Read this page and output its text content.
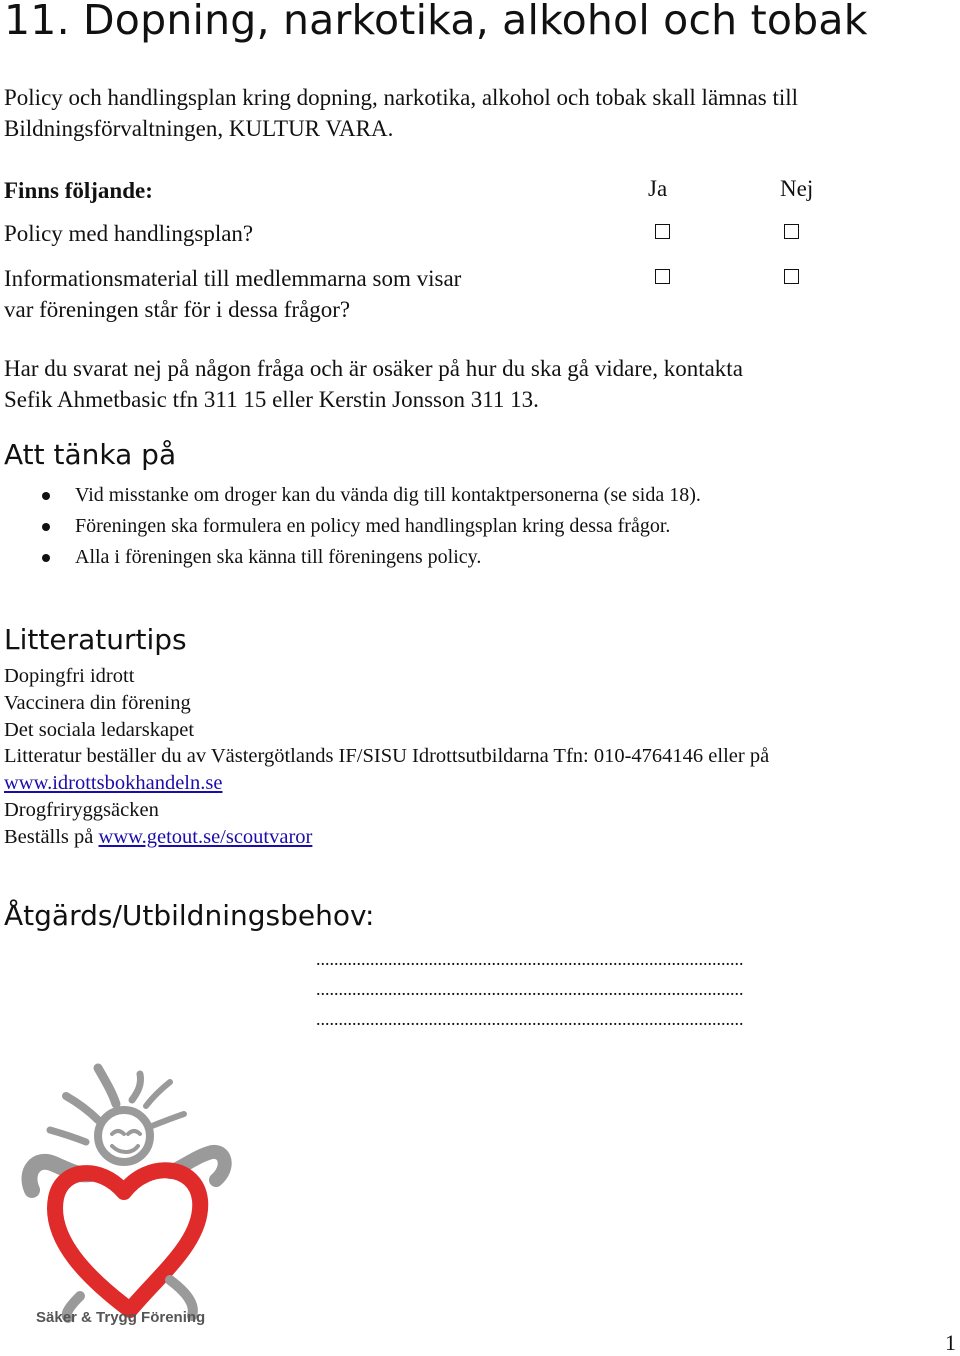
11. Dopning, narkotika, alkohol och tobak
Policy och handlingsplan kring dopning, narkotika, alkohol och tobak skall lämnas till
Bildningsförvaltningen, KULTUR VARA.
Finns följande:	Ja	Nej
Policy med handlingsplan?
Informationsmaterial till medlemmarna som visar
var föreningen står för i dessa frågor?
Har du svarat nej på någon fråga och är osäker på hur du ska gå vidare, kontakta
Sefik Ahmetbasic tfn 311 15 eller Kerstin Jonsson 311 13.
Att tänka på
Vid misstanke om droger kan du vända dig till kontaktpersonerna (se sida 18).
Föreningen ska formulera en policy med handlingsplan kring dessa frågor.
Alla i föreningen ska känna till föreningens policy.
Litteraturtips
Dopingfri idrott
Vaccinera din förening
Det sociala ledarskapet
Litteratur beställer du av Västergötlands IF/SISU Idrottsutbildarna Tfn: 010-4764146 eller på
www.idrottsbokhandeln.se
Drogfriryggsäcken
Beställs på www.getout.se/scoutvaror
Åtgärds/Utbildningsbehov:
...............................................................................................
...............................................................................................
...............................................................................................
Säker & Trygg Förening
1
